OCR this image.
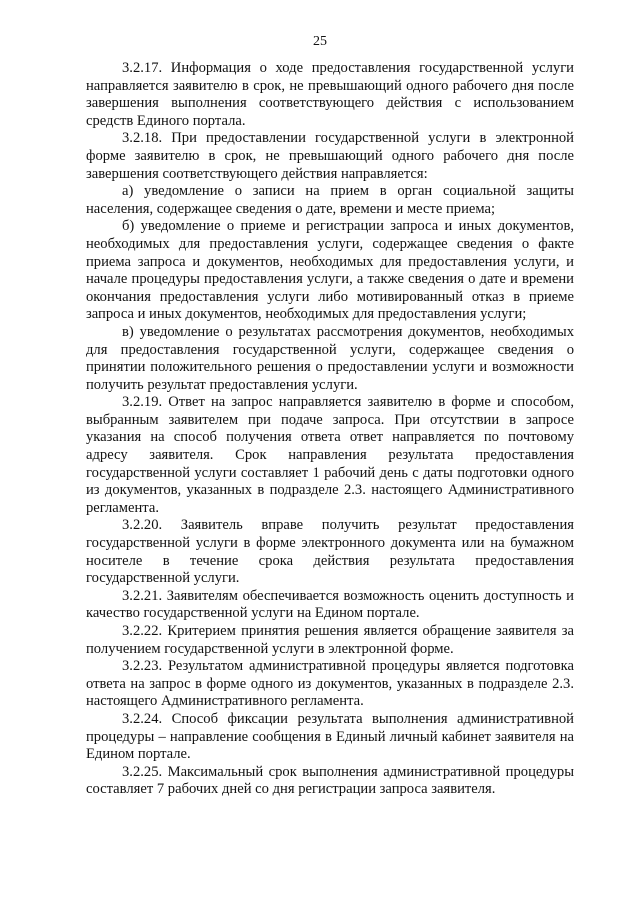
25

3.2.17. Информация о ходе предоставления государственной услуги направляется заявителю в срок, не превышающий одного рабочего дня после завершения выполнения соответствующего действия с использованием средств Единого портала.

3.2.18. При предоставлении государственной услуги в электронной форме заявителю в срок, не превышающий одного рабочего дня после завершения соответствующего действия направляется:

а) уведомление о записи на прием в орган социальной защиты населения, содержащее сведения о дате, времени и месте приема;

б) уведомление о приеме и регистрации запроса и иных документов, необходимых для предоставления услуги, содержащее сведения о факте приема запроса и документов, необходимых для предоставления услуги, и начале процедуры предоставления услуги, а также сведения о дате и времени окончания предоставления услуги либо мотивированный отказ в приеме запроса и иных документов, необходимых для предоставления услуги;

в) уведомление о результатах рассмотрения документов, необходимых для предоставления государственной услуги, содержащее сведения о принятии положительного решения о предоставлении услуги и возможности получить результат предоставления услуги.

3.2.19. Ответ на запрос направляется заявителю в форме и способом, выбранным заявителем при подаче запроса. При отсутствии в запросе указания на способ получения ответа ответ направляется по почтовому адресу заявителя. Срок направления результата предоставления государственной услуги составляет 1 рабочий день с даты подготовки одного из документов, указанных в подразделе 2.3. настоящего Административного регламента.

3.2.20. Заявитель вправе получить результат предоставления государственной услуги в форме электронного документа или на бумажном носителе в течение срока действия результата предоставления государственной услуги.

3.2.21. Заявителям обеспечивается возможность оценить доступность и качество государственной услуги на Едином портале.

3.2.22. Критерием принятия решения является обращение заявителя за получением государственной услуги в электронной форме.

3.2.23. Результатом административной процедуры является подготовка ответа на запрос в форме одного из документов, указанных в подразделе 2.3. настоящего Административного регламента.

3.2.24. Способ фиксации результата выполнения административной процедуры – направление сообщения в Единый личный кабинет заявителя на Едином портале.

3.2.25. Максимальный срок выполнения административной процедуры составляет 7 рабочих дней со дня регистрации запроса заявителя.
